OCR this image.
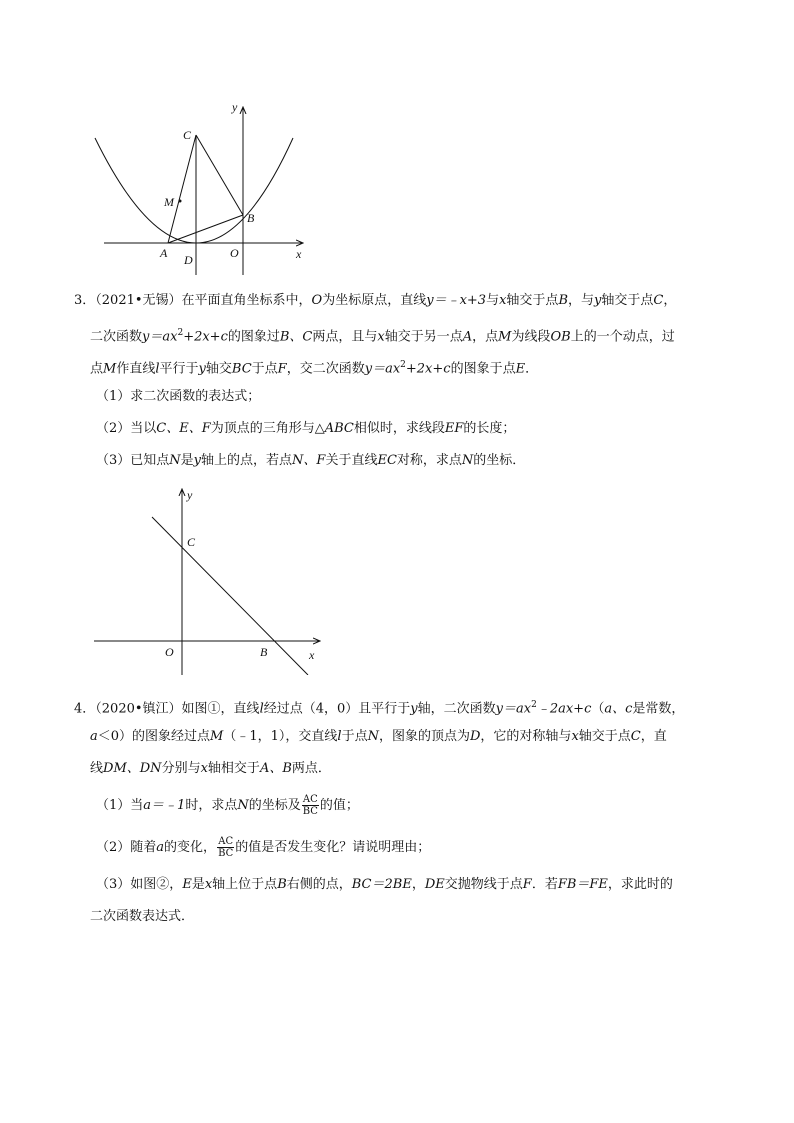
y
C
M
B
A D	O	x
3．（2021•无锡）在平面直角坐标系中，O为坐标原点，直线y＝﹣x+3与x轴交于点B，与y轴交于点C，
二次函数$y=ax^2+2x+c$的图象过B、C两点，且与x轴交于另一点A，点M为线段OB上的一个动点，过
点M作直线l平行于y轴交BC于点F，交二次函数$y=ax^2+2x+c$的图象于点E．
（1）求二次函数的表达式；
（2）当以C、E、F为顶点的三角形与△ABC相似时，求线段EF的长度；
（3）已知点N是y轴上的点，若点N、F关于直线EC对称，求点N的坐标．
y
C
O	B	x
4．（2020•镇江）如图①，直线l经过点（4，0）且平行于y轴，二次函数$y=ax^2﹣2ax+c(a$、c是常数，
a＜0）的图象经过点M（﹣1，1），交直线l于点N，图象的顶点为D，它的对称轴与x轴交于点C，直
线DM、DN分别与x轴相交于A、B两点．
（1）当a＝﹣1时，求点N的坐标及 $\frac{AC}{BC}$ 的值；
（2）随着a的变化， $\frac{AC}{BC}$ 的值是否发生变化？请说明理由；
（3）如图②，E是x轴上位于点B右侧的点，BC＝2BE，DE交抛物线于点F．若FB＝FE，求此时的
二次函数表达式．
